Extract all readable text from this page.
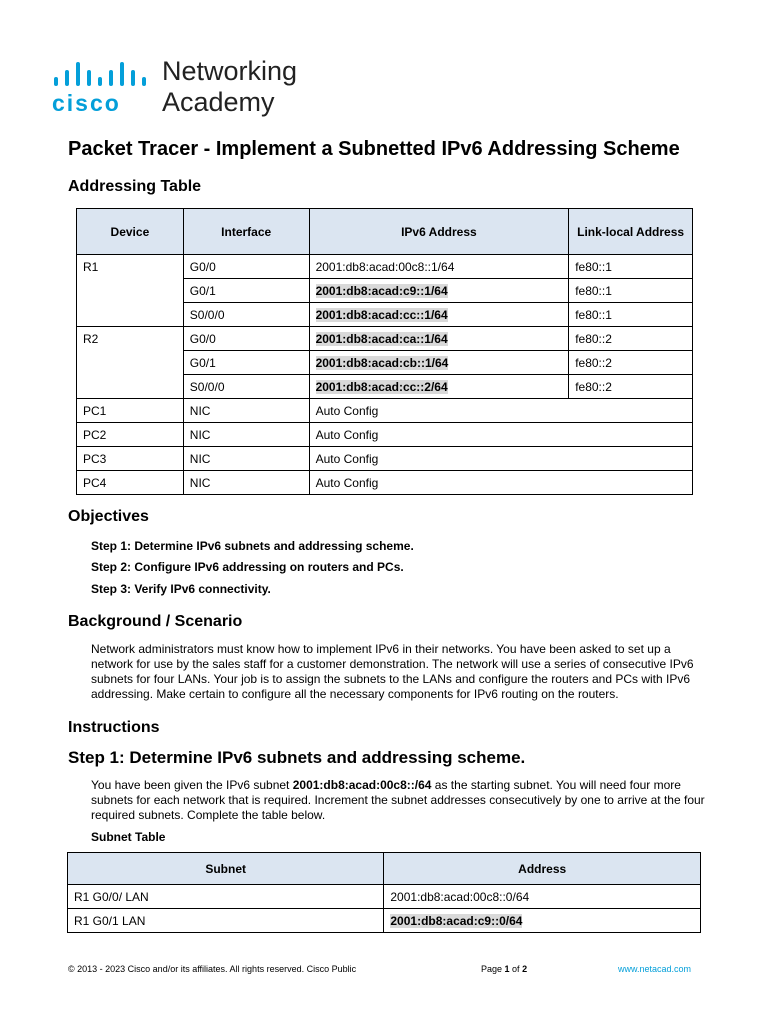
cisco
Networking
Academy
Packet Tracer - Implement a Subnetted IPv6 Addressing Scheme
Addressing Table
Device	Interface	IPv6 Address	Link-local Address
R1	G0/0	2001:db8:acad:00c8::1/64	fe80::1
	G0/1	2001:db8:acad:c9::1/64	fe80::1
	S0/0/0	2001:db8:acad:cc::1/64	fe80::1
R2	G0/0	2001:db8:acad:ca::1/64	fe80::2
	G0/1	2001:db8:acad:cb::1/64	fe80::2
	S0/0/0	2001:db8:acad:cc::2/64	fe80::2
PC1	NIC	Auto Config	
PC2	NIC	Auto Config	
PC3	NIC	Auto Config	
PC4	NIC	Auto Config	
Objectives

Step 1: Determine IPv6 subnets and addressing scheme.

Step 2: Configure IPv6 addressing on routers and PCs.

Step 3: Verify IPv6 connectivity.

Background / Scenario

Network administrators must know how to implement IPv6 in their networks. You have been asked to set up a network for use by the sales staff for a customer demonstration. The network will use a series of consecutive IPv6 subnets for four LANs. Your job is to assign the subnets to the LANs and configure the routers and PCs with IPv6 addressing. Make certain to configure all the necessary components for IPv6 routing on the routers.

Instructions
Step 1: Determine IPv6 subnets and addressing scheme.

You have been given the IPv6 subnet 2001:db8:acad:00c8::/64 as the starting subnet. You will need four more subnets for each network that is required. Increment the subnet addresses consecutively by one to arrive at the four required subnets. Complete the table below.

Subnet Table

Subnet	Address
R1 G0/0/ LAN	2001:db8:acad:00c8::0/64
R1 G0/1 LAN	2001:db8:acad:c9::0/64
© 2013 - 2023 Cisco and/or its affiliates. All rights reserved. Cisco Public	Page 1 of 2	www.netacad.com
